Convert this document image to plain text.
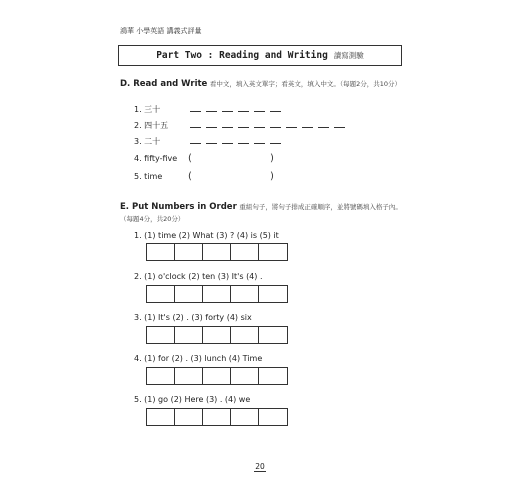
鴻華 小學英語 講義式評量
Part Two : Reading and Writing 讀寫測驗
D. Read and Write 看中文，填入英文單字；看英文，填入中文。（每題2分，共10分）
1. 三十
2. 四十五
3. 二十
4. fifty-five
5. time
(	)
(	)
E. Put Numbers in Order 重組句子，將句子排成正確順序，並將號碼填入格子內。（每題4分，共20分）
1. (1) time (2) What (3) ? (4) is (5) it
2. (1) o'clock (2) ten (3) It's (4) .
3. (1) It's (2) . (3) forty (4) six
4. (1) for (2) . (3) lunch (4) Time
5. (1) go (2) Here (3) . (4) we
20
